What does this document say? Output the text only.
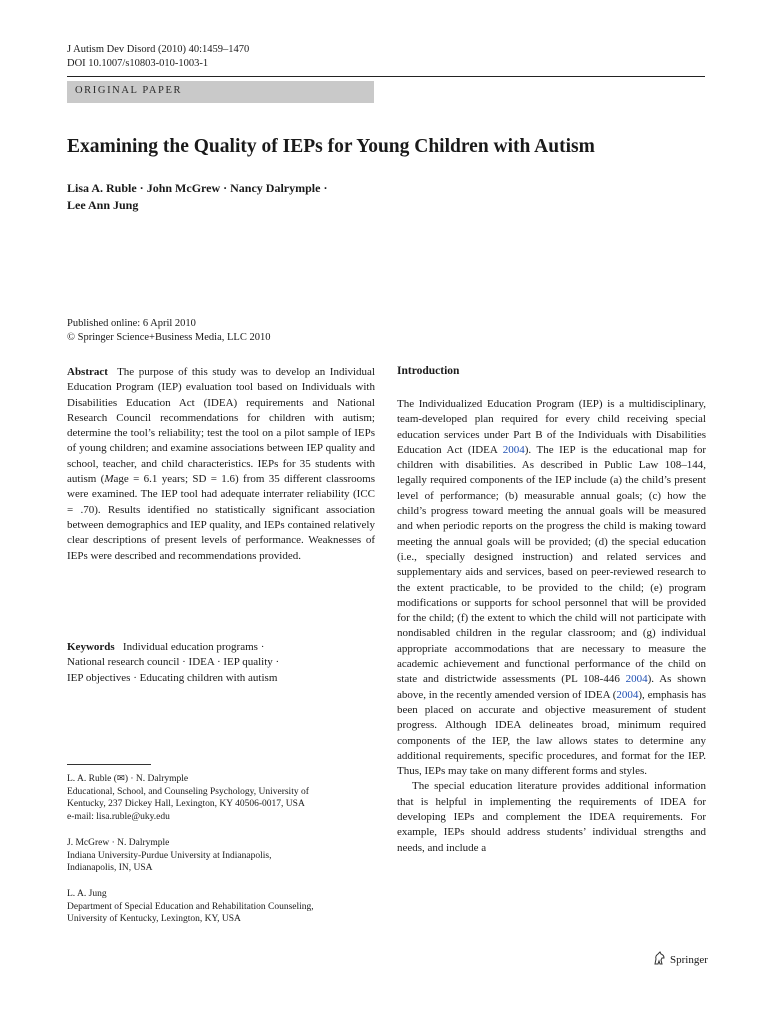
J Autism Dev Disord (2010) 40:1459–1470
DOI 10.1007/s10803-010-1003-1
ORIGINAL PAPER
Examining the Quality of IEPs for Young Children with Autism
Lisa A. Ruble · John McGrew · Nancy Dalrymple ·
Lee Ann Jung
Published online: 6 April 2010
© Springer Science+Business Media, LLC 2010
Abstract The purpose of this study was to develop an Individual Education Program (IEP) evaluation tool based on Individuals with Disabilities Education Act (IDEA) requirements and National Research Council recommendations for children with autism; determine the tool’s reliability; test the tool on a pilot sample of IEPs of young children; and examine associations between IEP quality and school, teacher, and child characteristics. IEPs for 35 students with autism (Mage = 6.1 years; SD = 1.6) from 35 different classrooms were examined. The IEP tool had adequate interrater reliability (ICC = .70). Results identified no statistically significant association between demographics and IEP quality, and IEPs contained relatively clear descriptions of present levels of performance. Weaknesses of IEPs were described and recommendations provided.
Keywords Individual education programs ·
National research council · IDEA · IEP quality ·
IEP objectives · Educating children with autism
L. A. Ruble (✉) · N. Dalrymple
Educational, School, and Counseling Psychology, University of
Kentucky, 237 Dickey Hall, Lexington, KY 40506-0017, USA
e-mail: lisa.ruble@uky.edu
J. McGrew · N. Dalrymple
Indiana University-Purdue University at Indianapolis,
Indianapolis, IN, USA
L. A. Jung
Department of Special Education and Rehabilitation Counseling,
University of Kentucky, Lexington, KY, USA
Introduction

The Individualized Education Program (IEP) is a multidisciplinary, team-developed plan required for every child receiving special education services under Part B of the Individuals with Disabilities Education Act (IDEA 2004). The IEP is the educational map for children with disabilities. As described in Public Law 108–144, legally required components of the IEP include (a) the child’s present level of performance; (b) measurable annual goals; (c) how the child’s progress toward meeting the annual goals will be measured and when periodic reports on the progress the child is making toward meeting the annual goals will be provided; (d) the special education (i.e., specially designed instruction) and related services and supplementary aids and services, based on peer-reviewed research to the extent practicable, to be provided to the child; (e) program modifications or supports for school personnel that will be provided for the child; (f) the extent to which the child will not participate with nondisabled children in the regular classroom; and (g) individual appropriate accommodations that are necessary to measure the academic achievement and functional performance of the child on state and districtwide assessments (PL 108-446 2004). As shown above, in the recently amended version of IDEA (2004), emphasis has been placed on accurate and objective measurement of student progress. Although IDEA delineates broad, minimum required components of the IEP, the law allows states to determine any additional requirements, specific procedures, and format for the IEP. Thus, IEPs may take on many different forms and styles.

The special education literature provides additional information that is helpful in implementing the requirements of IDEA for developing IEPs and complement the IDEA requirements. For example, IEPs should address students’ individual strengths and needs, and include a

Springer
